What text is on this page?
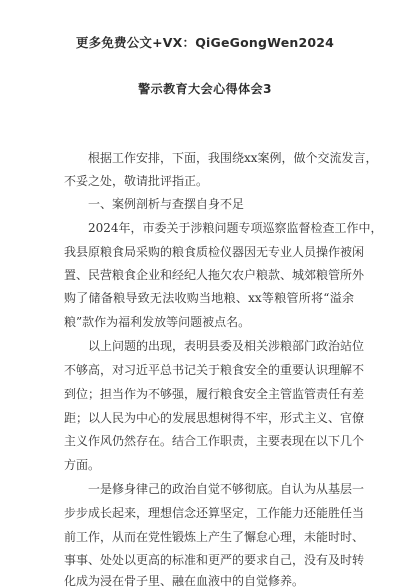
更多免费公文+VX：QiGeGongWen2024
警示教育大会心得体会3
根据工作安排，下面，我围绕xx案例，做个交流发言，
不妥之处，敬请批评指正。
一、案例剖析与查摆自身不足
2024年，市委关于涉粮问题专项巡察监督检查工作中，
我县原粮食局采购的粮食质检仪器因无专业人员操作被闲
置、民营粮食企业和经纪人拖欠农户粮款、城郊粮管所外
购了储备粮导致无法收购当地粮、xx等粮管所将“溢余
粮”款作为福利发放等问题被点名。
以上问题的出现，表明县委及相关涉粮部门政治站位
不够高，对习近平总书记关于粮食安全的重要认识理解不
到位；担当作为不够强，履行粮食安全主管监管责任有差
距；以人民为中心的发展思想树得不牢，形式主义、官僚
主义作风仍然存在。结合工作职责，主要表现在以下几个
方面。
一是修身律己的政治自觉不够彻底。自认为从基层一
步步成长起来，理想信念还算坚定，工作能力还能胜任当
前工作，从而在党性锻炼上产生了懈怠心理，未能时时、
事事、处处以更高的标准和更严的要求自己，没有及时转
化成为浸在骨子里、融在血液中的自觉修养。
